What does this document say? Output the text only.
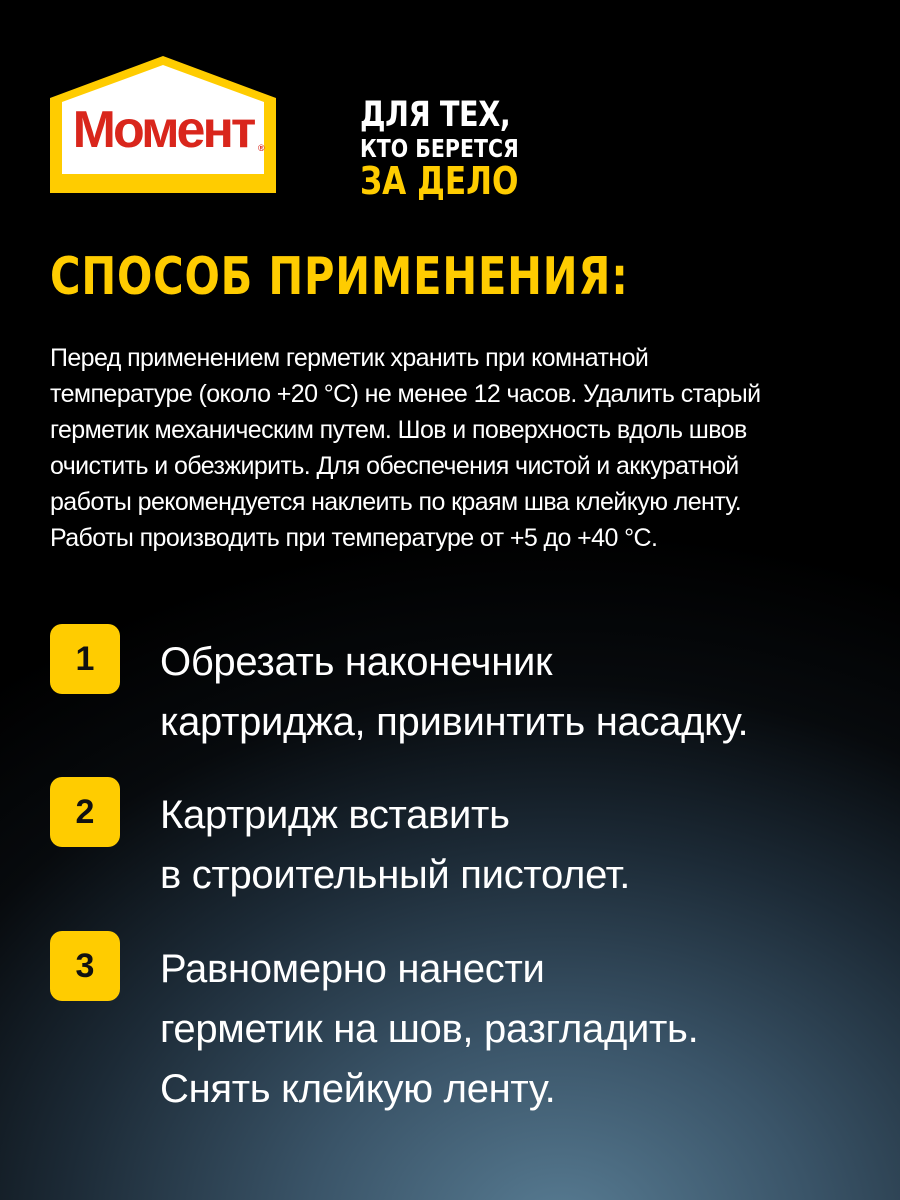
Момент ®
ДЛЯ ТЕХ,
КТО БЕРЕТСЯ
ЗА ДЕЛО
СПОСОБ ПРИМЕНЕНИЯ:
Перед применением герметик хранить при комнатной
температуре (около +20 °С) не менее 12 часов. Удалить старый
герметик механическим путем. Шов и поверхность вдоль швов
очистить и обезжирить. Для обеспечения чистой и аккуратной
работы рекомендуется наклеить по краям шва клейкую ленту.
Работы производить при температуре от +5 до +40 °С.
1	Обрезать наконечник
картриджа, привинтить насадку.
2	Картридж вставить
в строительный пистолет.
3	Равномерно нанести
герметик на шов, разгладить.
Снять клейкую ленту.
